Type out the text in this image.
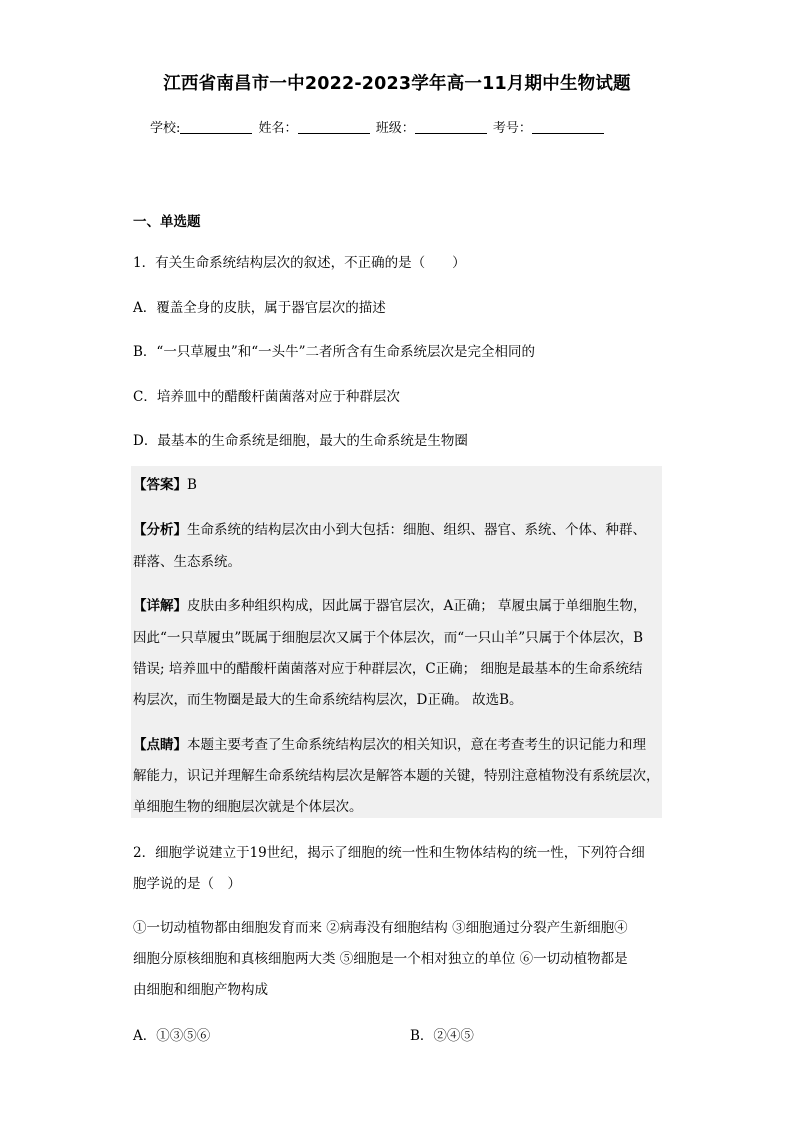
江西省南昌市一中2022-2023学年高一11月期中生物试题
学校:	姓名：	班级：	考号：
一、单选题
1．有关生命系统结构层次的叙述，不正确的是（　　）
A．覆盖全身的皮肤，属于器官层次的描述
B．“一只草履虫”和“一头牛”二者所含有生命系统层次是完全相同的
C．培养皿中的醋酸杆菌菌落对应于种群层次
D．最基本的生命系统是细胞，最大的生命系统是生物圈
【答案】B
【分析】生命系统的结构层次由小到大包括：细胞、组织、器官、系统、个体、种群、
群落、生态系统。
【详解】皮肤由多种组织构成，因此属于器官层次，A正确； 草履虫属于单细胞生物，
因此“一只草履虫”既属于细胞层次又属于个体层次，而“一只山羊”只属于个体层次，B
错误; 培养皿中的醋酸杆菌菌落对应于种群层次，C正确； 细胞是最基本的生命系统结
构层次，而生物圈是最大的生命系统结构层次，D正确。 故选B。
【点睛】本题主要考查了生命系统结构层次的相关知识，意在考查考生的识记能力和理
解能力，识记并理解生命系统结构层次是解答本题的关键，特别注意植物没有系统层次，
单细胞生物的细胞层次就是个体层次。
2．细胞学说建立于19世纪，揭示了细胞的统一性和生物体结构的统一性，下列符合细
胞学说的是（　）
①一切动植物都由细胞发育而来 ②病毒没有细胞结构 ③细胞通过分裂产生新细胞④
细胞分原核细胞和真核细胞两大类 ⑤细胞是一个相对独立的单位 ⑥一切动植物都是
由细胞和细胞产物构成
A．①③⑤⑥	B．②④⑤
